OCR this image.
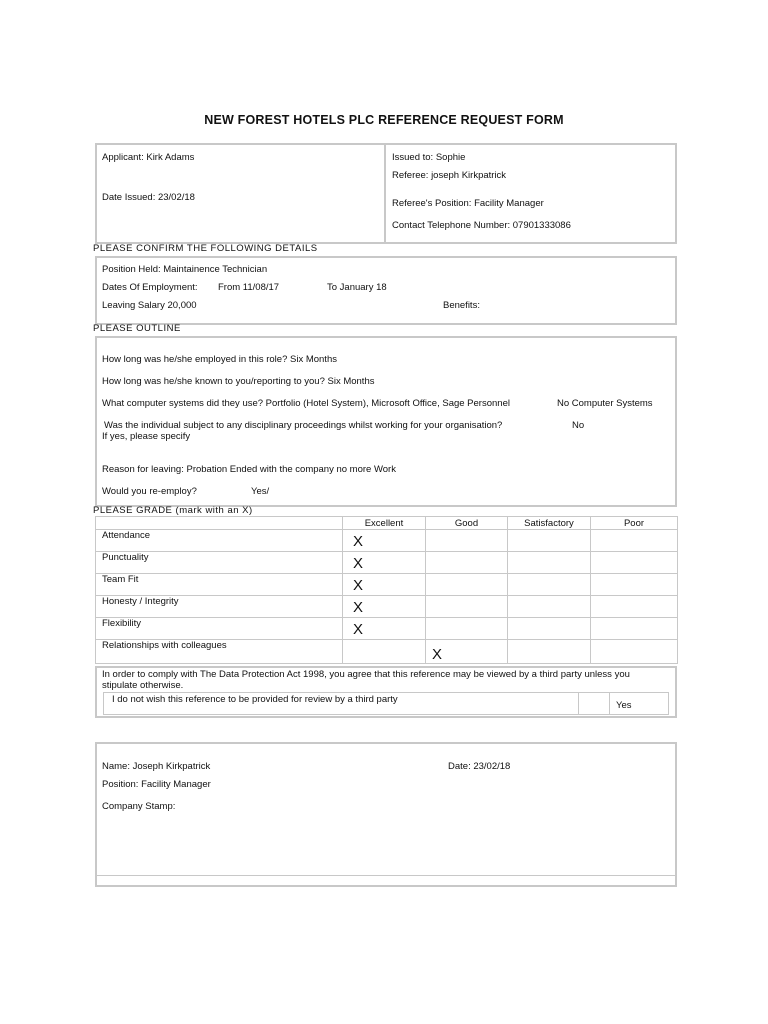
NEW FOREST HOTELS PLC REFERENCE REQUEST FORM
Applicant: Kirk Adams
Date Issued: 23/02/18
Issued to: Sophie
Referee: joseph Kirkpatrick
Referee's Position: Facility Manager
Contact Telephone Number: 07901333086
PLEASE CONFIRM THE FOLLOWING DETAILS
Position Held: Maintainence Technician
Dates Of Employment: From 11/08/17	To January 18
Leaving Salary 20,000	Benefits:
PLEASE OUTLINE
How long was he/she employed in this role? Six Months
How long was he/she known to you/reporting to you? Six Months
What computer systems did they use? Portfolio (Hotel System), Microsoft Office, Sage Personnel	No Computer Systems
Was the individual subject to any disciplinary proceedings whilst working for your organisation?	No
If yes, please specify
Reason for leaving: Probation Ended with the company no more Work
Would you re-employ?	Yes/
PLEASE GRADE (mark with an X)
	Excellent	Good	Satisfactory	Poor
Attendance	X			
Punctuality	X			
Team Fit	X			
Honesty / Integrity	X			
Flexibility	X			
Relationships with colleagues		X		
In order to comply with The Data Protection Act 1998, you agree that this reference may be viewed by a third party unless you stipulate otherwise.
I do not wish this reference to be provided for review by a third party
Yes
Name: Joseph Kirkpatrick	Date: 23/02/18
Position: Facility Manager
Company Stamp:
